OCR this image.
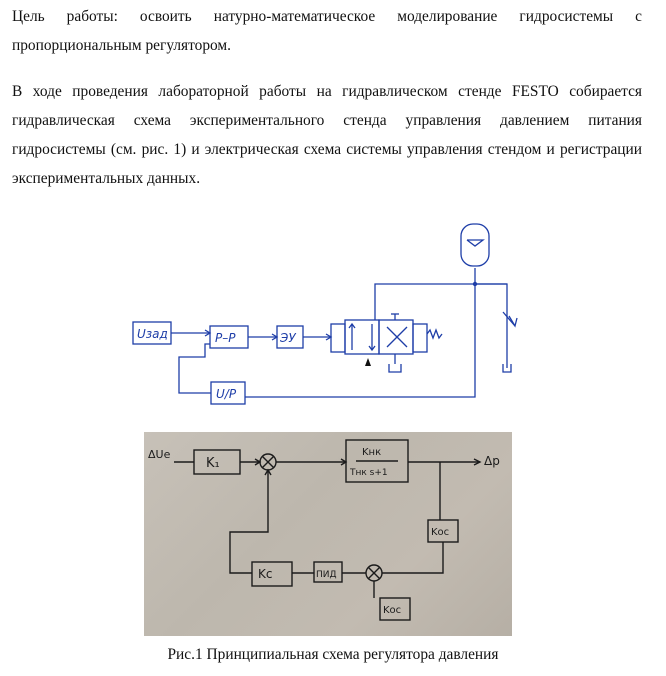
Цель работы: освоить натурно-математическое моделирование гидросистемы с пропорциональным регулятором.

В ходе проведения лабораторной работы на гидравлическом стенде FESTO собирается гидравлическая схема экспериментального стенда управления давлением питания гидросистемы (см. рис. 1) и электрическая схема системы управления стендом и регистрации экспериментальных данных.

Uзад	Р–Р	ЭУ
U/P
ΔUe
K₁
Kнк
Tнк s+1
Δp
Kос
Kс	ПИД
Kос
Рис.1 Принципиальная схема регулятора давления
